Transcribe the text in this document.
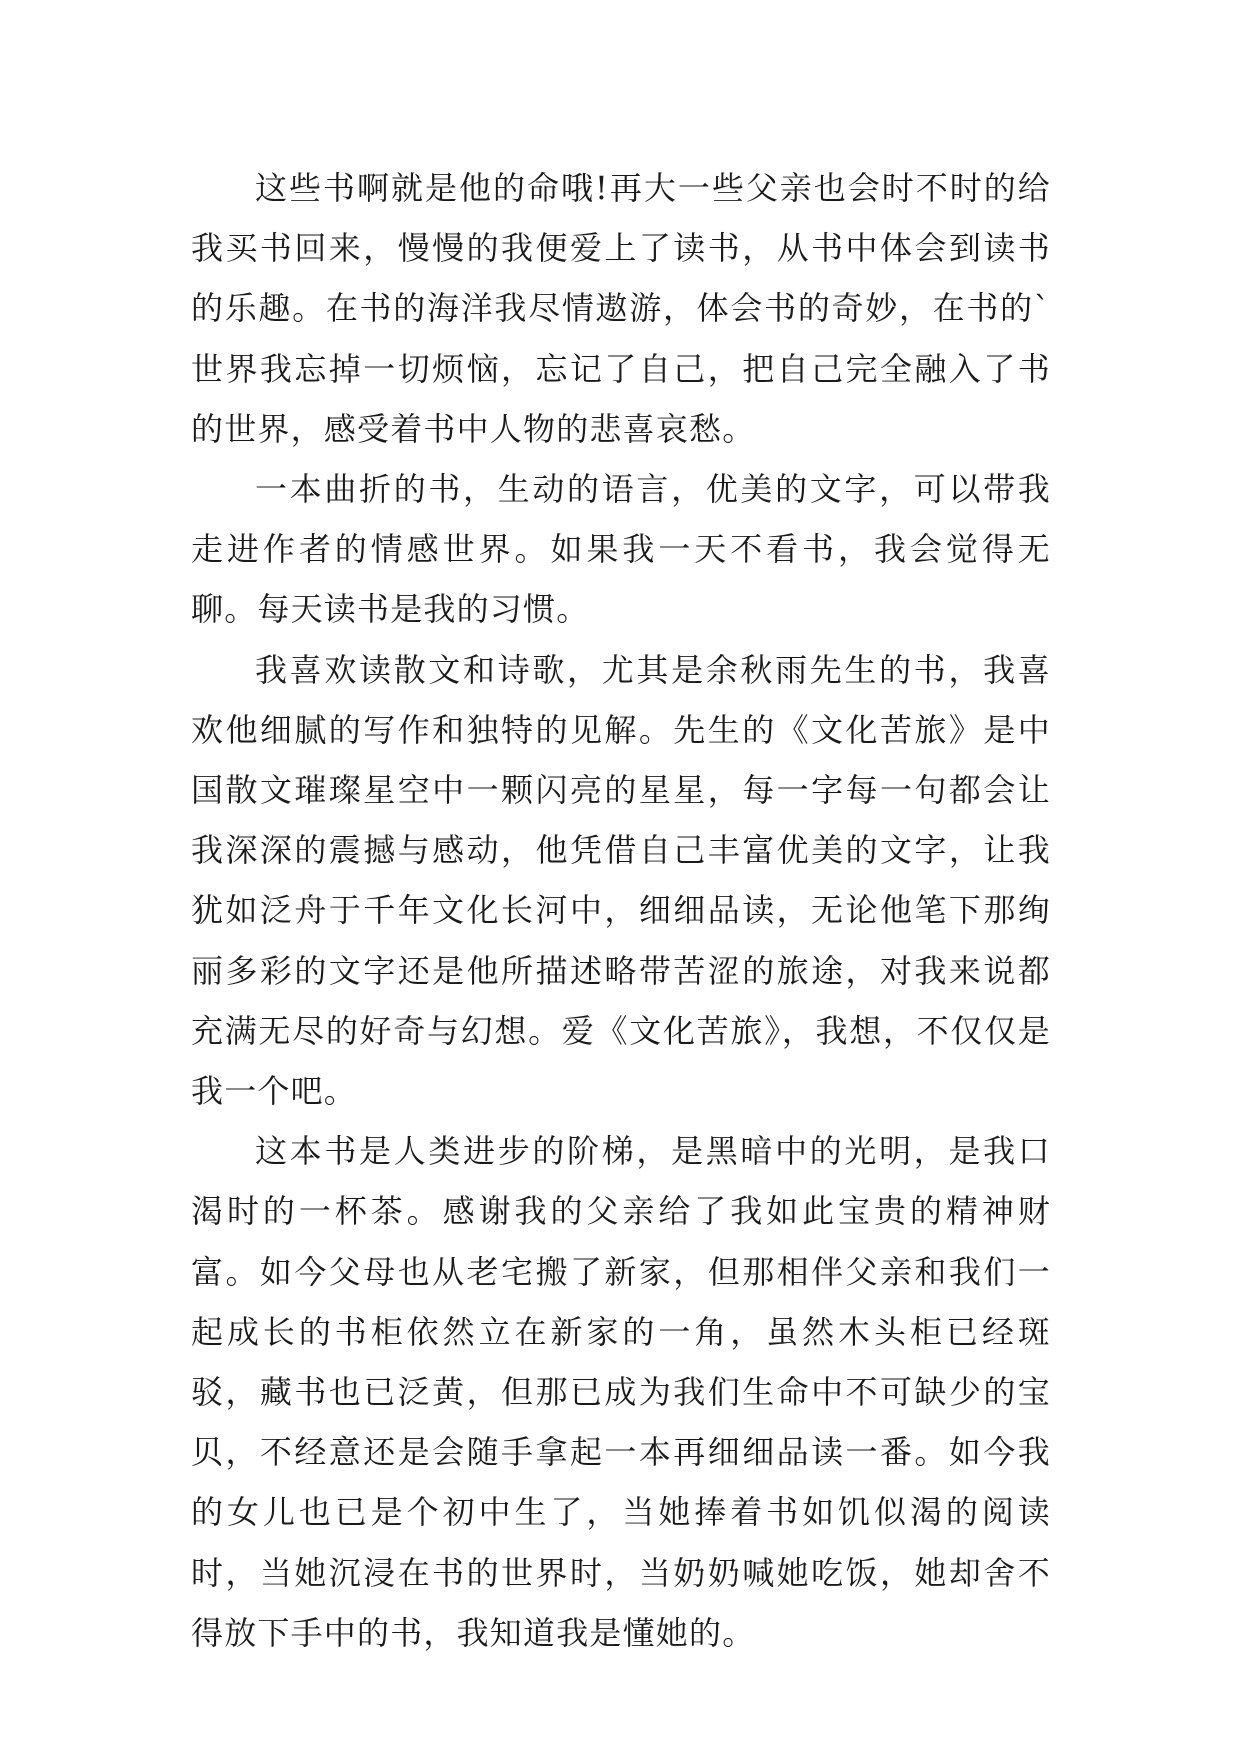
这些书啊就是他的命哦!再大一些父亲也会时不时的给我买书回来，慢慢的我便爱上了读书，从书中体会到读书的乐趣。在书的海洋我尽情遨游，体会书的奇妙，在书的`世界我忘掉一切烦恼，忘记了自己，把自己完全融入了书的世界，感受着书中人物的悲喜哀愁。

一本曲折的书，生动的语言，优美的文字，可以带我走进作者的情感世界。如果我一天不看书，我会觉得无聊。每天读书是我的习惯。

我喜欢读散文和诗歌，尤其是余秋雨先生的书，我喜欢他细腻的写作和独特的见解。先生的《文化苦旅》是中国散文璀璨星空中一颗闪亮的星星，每一字每一句都会让我深深的震撼与感动，他凭借自己丰富优美的文字，让我犹如泛舟于千年文化长河中，细细品读，无论他笔下那绚丽多彩的文字还是他所描述略带苦涩的旅途，对我来说都充满无尽的好奇与幻想。爱《文化苦旅》，我想，不仅仅是我一个吧。

这本书是人类进步的阶梯，是黑暗中的光明，是我口渴时的一杯茶。感谢我的父亲给了我如此宝贵的精神财富。如今父母也从老宅搬了新家，但那相伴父亲和我们一起成长的书柜依然立在新家的一角，虽然木头柜已经斑驳，藏书也已泛黄，但那已成为我们生命中不可缺少的宝贝，不经意还是会随手拿起一本再细细品读一番。如今我的女儿也已是个初中生了，当她捧着书如饥似渴的阅读时，当她沉浸在书的世界时，当奶奶喊她吃饭，她却舍不得放下手中的书，我知道我是懂她的。
